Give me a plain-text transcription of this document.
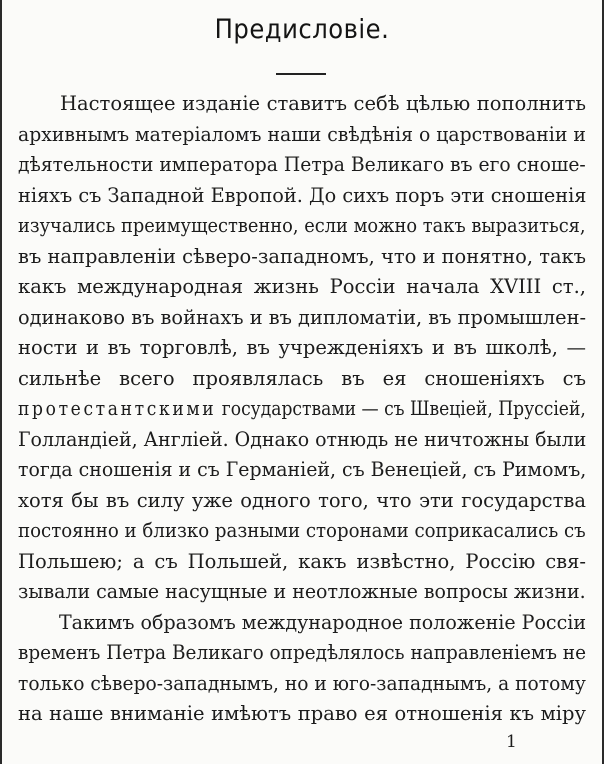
Предисловіе.
Настоящее изданіе ставитъ себѣ цѣлью пополнить
архивнымъ матеріаломъ наши свѣдѣнія о царствованіи и
дѣятельности императора Петра Великаго въ его сноше-
ніяхъ съ Западной Европой. До сихъ поръ эти сношенія
изучались преимущественно, если можно такъ выразиться,
въ направленіи сѣверо-западномъ, что и понятно, такъ
какъ международная жизнь Россіи начала XVIII ст.,
одинаково въ войнахъ и въ дипломатіи, въ промышлен-
ности и въ торговлѣ, въ учрежденіяхъ и въ школѣ, —
сильнѣе всего проявлялась въ ея сношеніяхъ съ
протестантскими государствами — съ Швеціей, Пруссіей,
Голландіей, Англіей. Однако отнюдь не ничтожны были
тогда сношенія и съ Германіей, съ Венеціей, съ Римомъ,
хотя бы въ силу уже одного того, что эти государства
постоянно и близко разными сторонами соприкасались съ
Польшею; а съ Польшей, какъ извѣстно, Россію свя-
зывали самые насущные и неотложные вопросы жизни.
Такимъ образомъ международное положеніе Россіи
временъ Петра Великаго опредѣлялось направленіемъ не
только сѣверо-западнымъ, но и юго-западнымъ, а потому
на наше вниманіе имѣютъ право ея отношенія къ міру
1
